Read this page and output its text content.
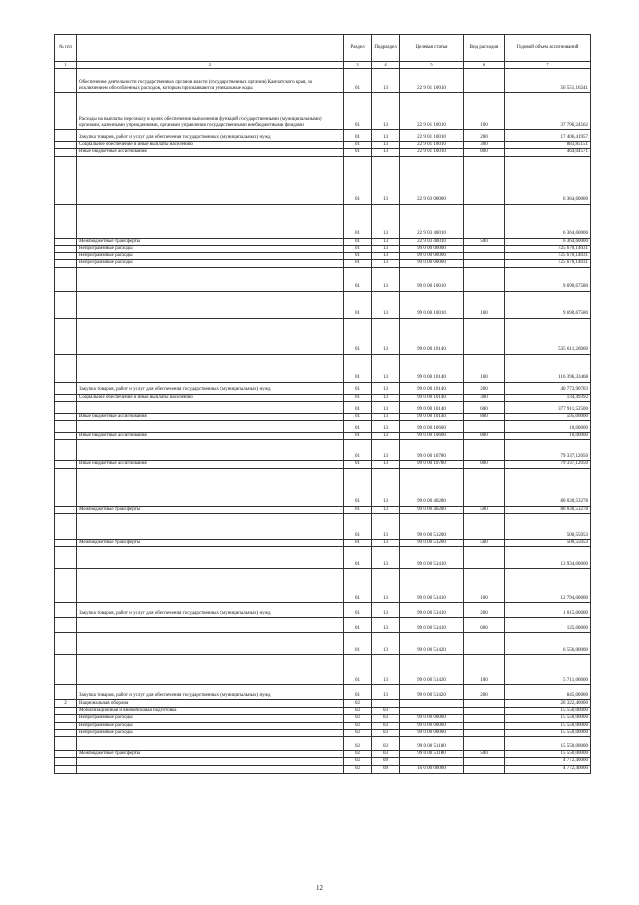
№ п/п		Раздел	Подраздел	Целевая статья	Вид расходов	Годовой объем ассигнований
1	2	3	4	5	6	7
	Обеспечение деятельности государственных органов власти (государственных органов) Камчатского края, за исключением обособленных расходов, которым присваиваются уникальные коды	01	13	22 9 01 10010		56 551,16241
	Расходы на выплаты персоналу в целях обеспечения выполнения функций государственными (муниципальными) органами, казенными учреждениями, органами управления государственными внебюджетными фондами	01	13	22 9 01 10010	100	37 796,24562
	Закупка товаров, работ и услуг для обеспечения государственных (муниципальных) нужд	01	13	22 9 01 10010	200	17 406,41957
	Социальное обеспечение и иные выплаты населению	01	13	22 9 01 10010	300	883,85151
	Иные бюджетные ассигнования	01	13	22 9 01 10010	800	464,04571
		01	13	22 9 03 00000		6 364,60000
		01	13	22 9 03 40010		6 364,60000
	Межбюджетные трансферты	01	13	22 9 03 40010	500	6 364,60000
	Непрограммные расходы	01	13	99 0 00 00000		725 670,14031
	Непрограммные расходы	01	13	99 0 00 00000		725 670,14031
	Непрограммные расходы	01	13	99 0 00 00000		725 670,14031
		01	13	99 0 00 10010		9 690,67580
		01	13	99 0 00 10010	100	9 690,67580
		01	13	99 0 00 10140		535 611,26060
		01	13	99 0 00 10140	100	116 396,33468
	Закупка товаров, работ и услуг для обеспечения государственных (муниципальных) нужд	01	13	99 0 00 10140	200	40 773,90703
	Социальное обеспечение и иные выплаты населению	01	13	99 0 00 10140	300	134,49392
		01	13	99 0 00 10140	600	377 911,52500
	Иные бюджетные ассигнования	01	13	99 0 00 10140	800	595,00000
		01	13	99 0 00 10600		10,00000
	Иные бюджетные ассигнования	01	13	99 0 00 10600	800	10,00000
		01	13	99 0 00 10780		79 337,12050
	Иные бюджетные ассигнования	01	13	99 0 00 10780	800	79 337,12050
		01	13	99 0 00 40280		80 030,53278
	Межбюджетные трансферты	01	13	99 0 00 40280	500	80 030,53278
		01	13	99 0 00 51200		500,55053
	Межбюджетные трансферты	01	13	99 0 00 51200	500	500,55053
		01	13	99 0 00 51410		13 934,00000
		01	13	99 0 00 51410	100	12 794,00000
	Закупка товаров, работ и услуг для обеспечения государственных (муниципальных) нужд	01	13	99 0 00 51410	200	1 015,00000
		01	13	99 0 00 51410	600	125,00000
		01	13	99 0 00 51420		6 556,00000
		01	13	99 0 00 51420	100	5 711,00000
	Закупка товаров, работ и услуг для обеспечения государственных (муниципальных) нужд	01	13	99 0 00 51420	200	845,00000
2	Национальная оборона	02				20 322,40000
	Мобилизационная и вневойсковая подготовка	02	03			15 550,00000
	Непрограммные расходы	02	03	99 0 00 00000		15 550,00000
	Непрограммные расходы	02	03	99 0 00 00000		15 550,00000
	Непрограммные расходы	02	03	99 0 00 00000		15 550,00000
		02	03	99 0 00 51180		15 550,00000
	Межбюджетные трансферты	02	03	99 0 00 51180	500	15 550,00000
		02	09			4 772,40000
		02	09	16 0 00 00000		4 772,40000
12
